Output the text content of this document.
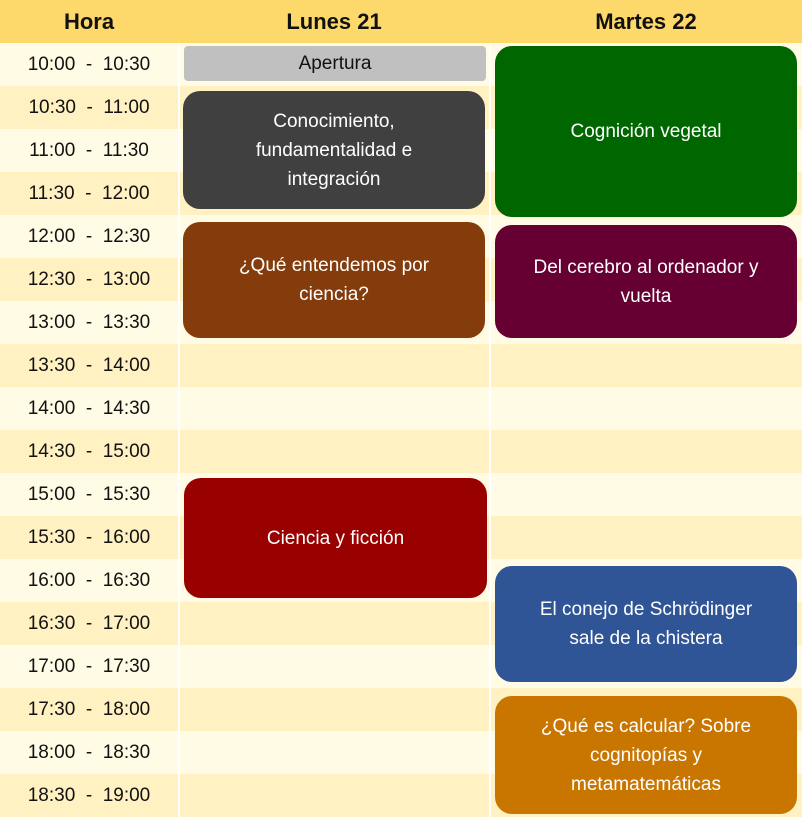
Hora	Lunes 21	Martes 22
10:00  -  10:30
10:30  -  11:00
11:00  -  11:30
11:30  -  12:00
12:00  -  12:30
12:30  -  13:00
13:00  -  13:30
13:30  -  14:00
14:00  -  14:30
14:30  -  15:00
15:00  -  15:30
15:30  -  16:00
16:00  -  16:30
16:30  -  17:00
17:00  -  17:30
17:30  -  18:00
18:00  -  18:30
18:30  -  19:00
Apertura
Conocimiento, fundamentalidad e integración
¿Qué entendemos por ciencia?
Ciencia y ficción
Cognición vegetal
Del cerebro al ordenador y vuelta
El conejo de Schrödinger sale de la chistera
¿Qué es calcular? Sobre cognitopías y metamatemáticas
